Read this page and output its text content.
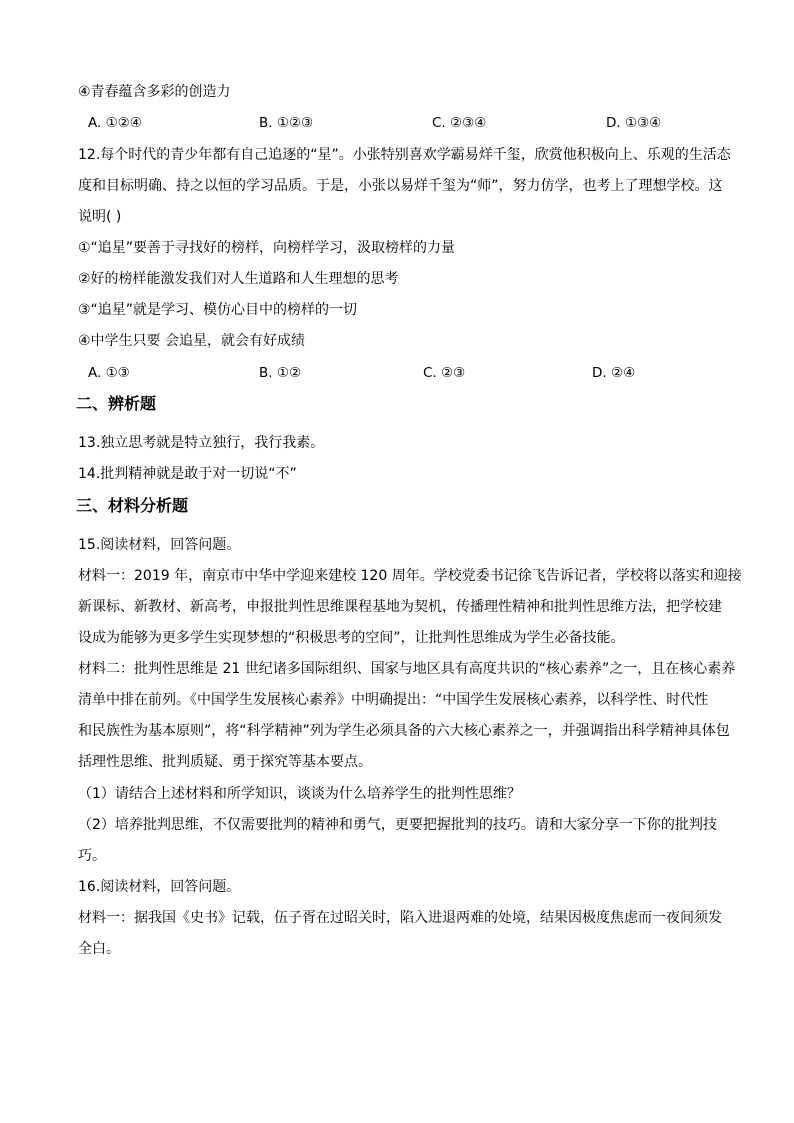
④青春蕴含多彩的创造力
A. ①②④	B. ①②③	C. ②③④	D. ①③④
12.每个时代的青少年都有自己追逐的“星”。小张特别喜欢学霸易烊千玺，欣赏他积极向上、乐观的生活态
度和目标明确、持之以恒的学习品质。于是，小张以易烊千玺为“师”，努力仿学，也考上了理想学校。这
说明( )
①“追星”要善于寻找好的榜样，向榜样学习，汲取榜样的力量
②好的榜样能激发我们对人生道路和人生理想的思考
③“追星”就是学习、模仿心目中的榜样的一切
④中学生只要 会追星，就会有好成绩
A. ①③	B. ①②	C. ②③	D. ②④
二、辨析题
13.独立思考就是特立独行，我行我素。
14.批判精神就是敢于对一切说“不”
三、材料分析题
15.阅读材料，回答问题。
材料一：2019 年，南京市中华中学迎来建校 120 周年。学校党委书记徐飞告诉记者，学校将以落实和迎接
新课标、新教材、新高考，申报批判性思维课程基地为契机，传播理性精神和批判性思维方法，把学校建
设成为能够为更多学生实现梦想的“积极思考的空间”，让批判性思维成为学生必备技能。
材料二：批判性思维是 21 世纪诸多国际组织、国家与地区具有高度共识的“核心素养”之一，且在核心素养
清单中排在前列。《中国学生发展核心素养》中明确提出：“中国学生发展核心素养，以科学性、时代性
和民族性为基本原则”，将“科学精神”列为学生必须具备的六大核心素养之一，并强调指出科学精神具体包
括理性思维、批判质疑、勇于探究等基本要点。
（1）请结合上述材料和所学知识，谈谈为什么培养学生的批判性思维？
（2）培养批判思维，不仅需要批判的精神和勇气，更要把握批判的技巧。请和大家分享一下你的批判技
巧。
16.阅读材料，回答问题。
材料一：据我国《史书》记载，伍子胥在过昭关时，陷入进退两难的处境，结果因极度焦虑而一夜间须发
全白。
